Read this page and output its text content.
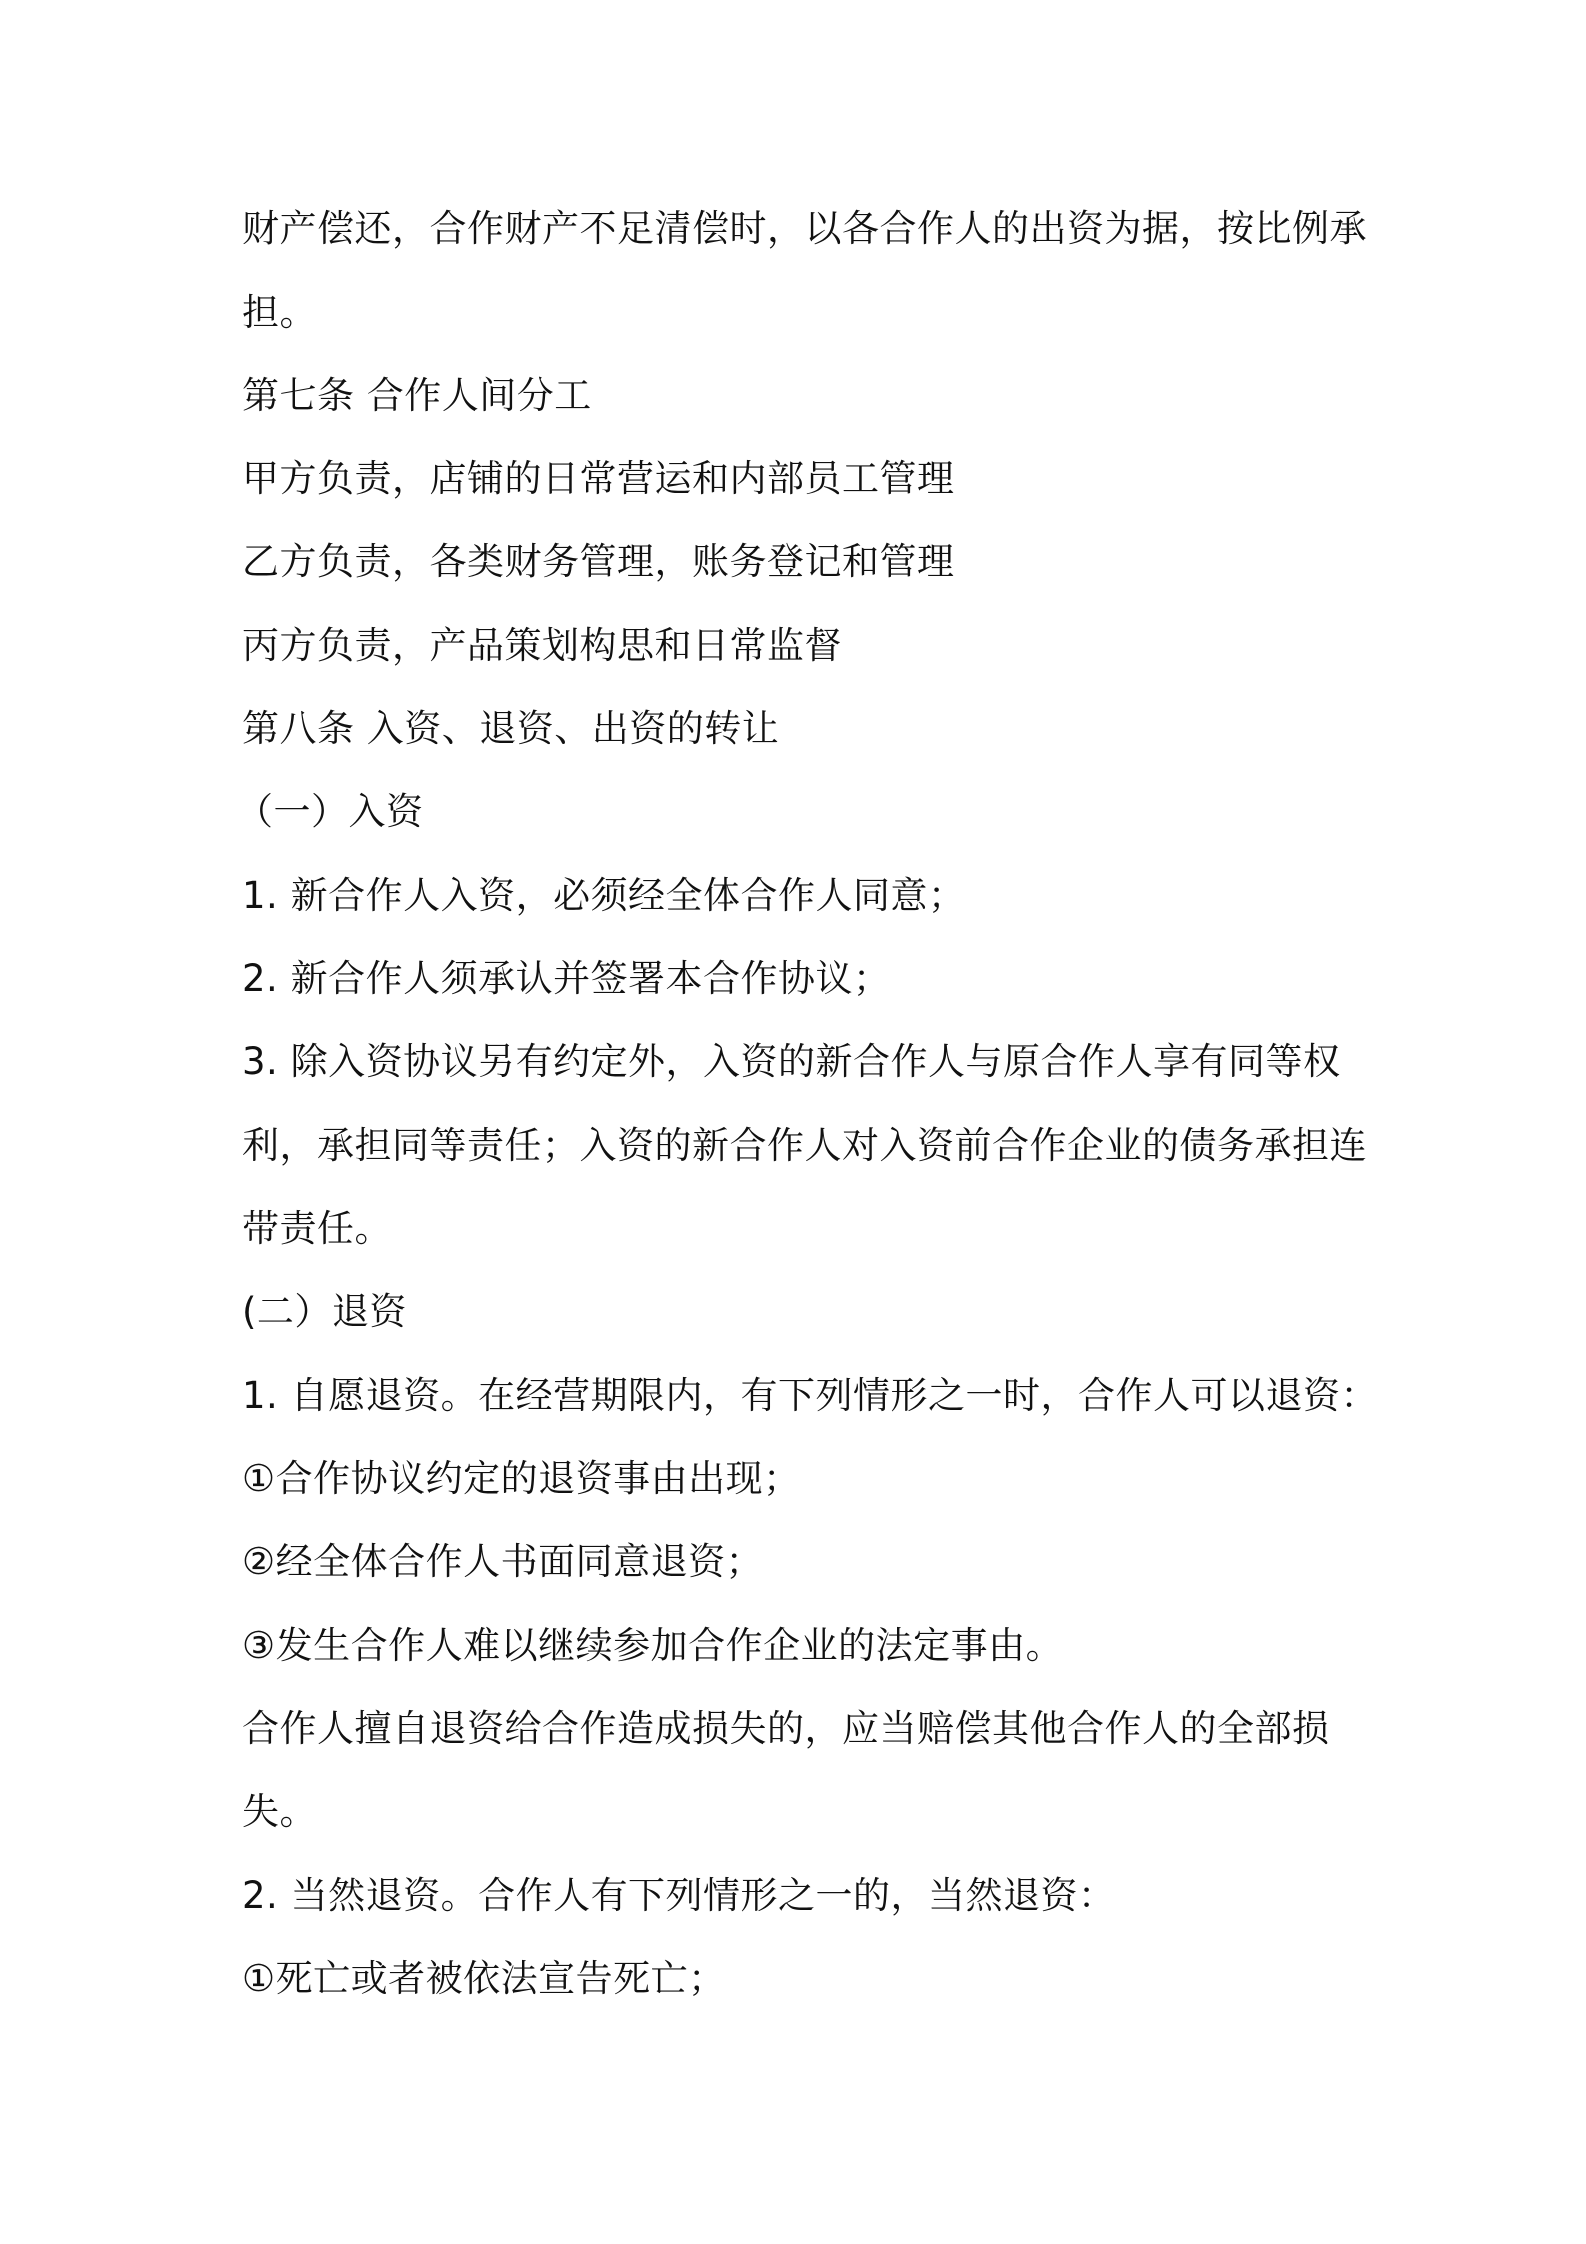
财产偿还，合作财产不足清偿时，以各合作人的出资为据，按比例承
担。
第七条 合作人间分工
甲方负责，店铺的日常营运和内部员工管理
乙方负责，各类财务管理，账务登记和管理
丙方负责，产品策划构思和日常监督
第八条 入资、退资、出资的转让
（一）入资
1. 新合作人入资，必须经全体合作人同意；
2. 新合作人须承认并签署本合作协议；
3. 除入资协议另有约定外，入资的新合作人与原合作人享有同等权
利，承担同等责任；入资的新合作人对入资前合作企业的债务承担连
带责任。
(二）退资
1. 自愿退资。在经营期限内，有下列情形之一时，合作人可以退资：
①合作协议约定的退资事由出现；
②经全体合作人书面同意退资；
③发生合作人难以继续参加合作企业的法定事由。
合作人擅自退资给合作造成损失的，应当赔偿其他合作人的全部损
失。
2. 当然退资。合作人有下列情形之一的，当然退资：
①死亡或者被依法宣告死亡；
